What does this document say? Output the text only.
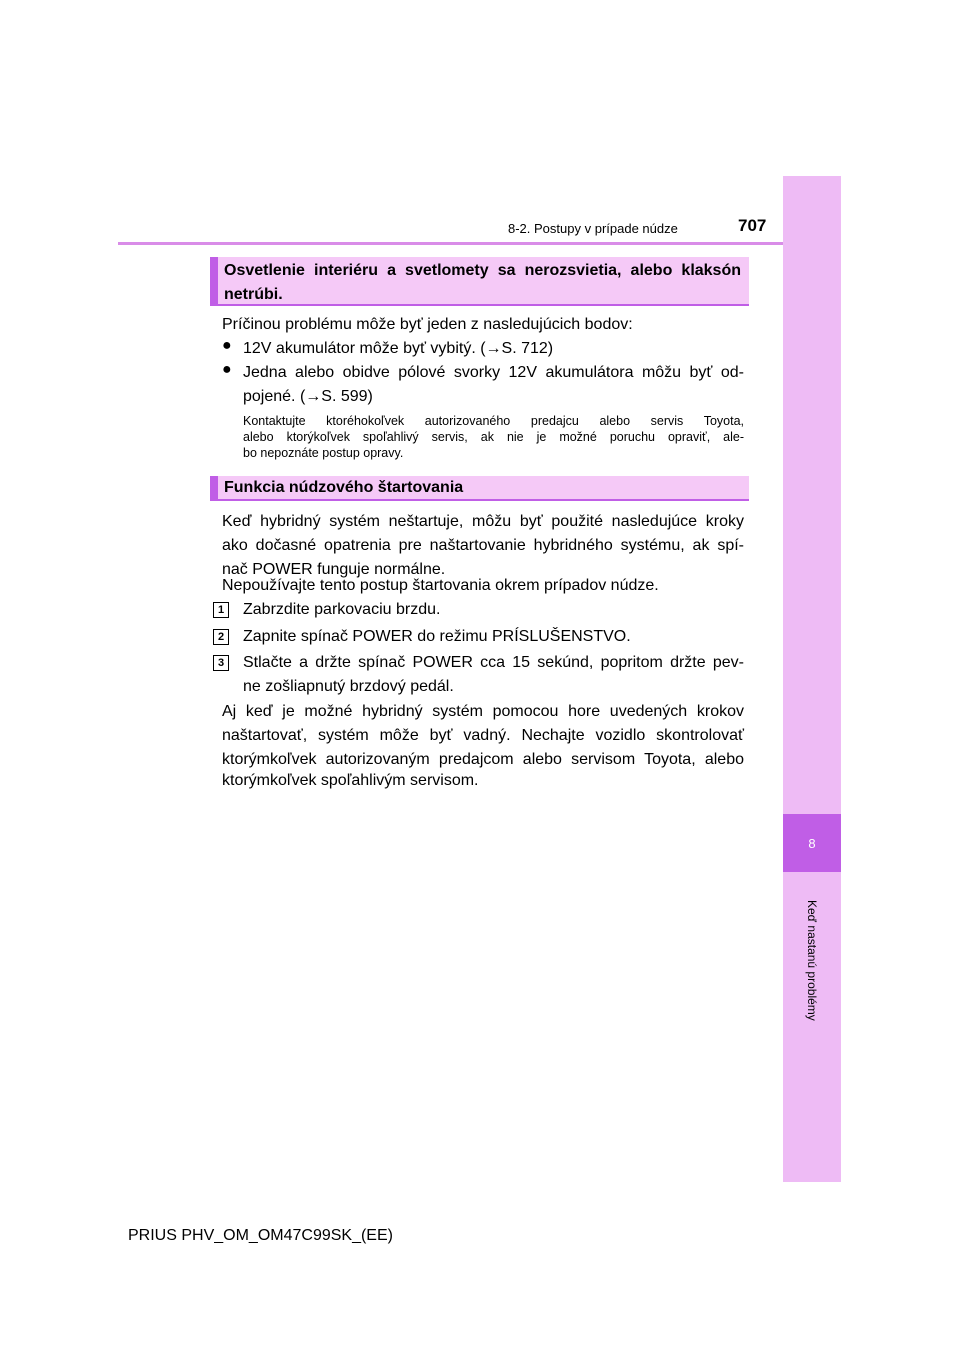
8
Keď nastanú problémy
8-2. Postupy v prípade núdze	707
Osvetlenie interiéru a svetlomety sa nerozsvietia, alebo klaksón netrúbi.
Príčinou problému môže byť jeden z nasledujúcich bodov:
● 12V akumulátor môže byť vybitý. (→S. 712)
● Jedna alebo obidve pólové svorky 12V akumulátora môžu byť od-
pojené. (→S. 599)
Kontaktujte ktoréhokoľvek autorizovaného predajcu alebo servis Toyota,
alebo ktorýkoľvek spoľahlivý servis, ak nie je možné poruchu opraviť, ale-
bo nepoznáte postup opravy.
Funkcia núdzového štartovania
Keď hybridný systém neštartuje, môžu byť použité nasledujúce kroky
ako dočasné opatrenia pre naštartovanie hybridného systému, ak spí-
nač POWER funguje normálne.
Nepoužívajte tento postup štartovania okrem prípadov núdze.
1	Zabrzdite parkovaciu brzdu.
2	Zapnite spínač POWER do režimu PRÍSLUŠENSTVO.
3	Stlačte a držte spínač POWER cca 15 sekúnd, popritom držte pev-
ne zošliapnutý brzdový pedál.
Aj keď je možné hybridný systém pomocou hore uvedených krokov
naštartovať, systém môže byť vadný. Nechajte vozidlo skontrolovať
ktorýmkoľvek autorizovaným predajcom alebo servisom Toyota, alebo
ktorýmkoľvek spoľahlivým servisom.
PRIUS PHV_OM_OM47C99SK_(EE)
